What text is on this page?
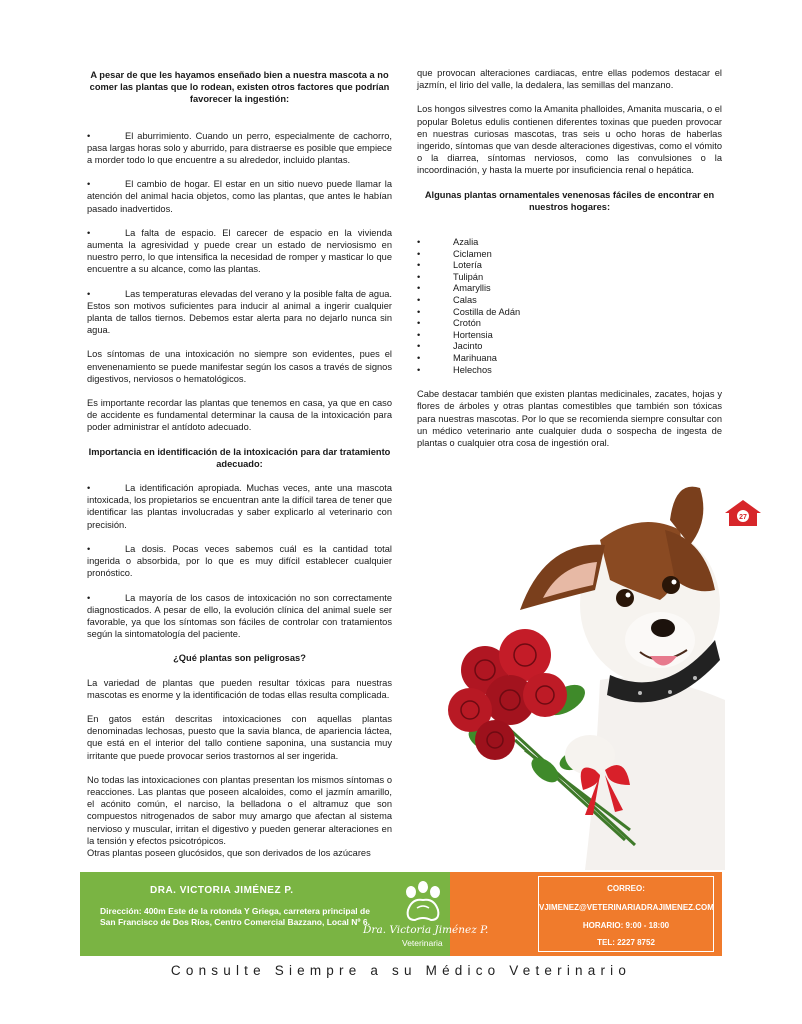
A pesar de que les hayamos enseñado bien a nuestra mascota a no comer las plantas que lo rodean, existen otros factores que podrían favorecer la ingestión:

•	El aburrimiento. Cuando un perro, especialmente de cachorro, pasa largas horas solo y aburrido, para distraerse es posible que empiece a morder todo lo que encuentre a su alrededor, incluido plantas.

•	El cambio de hogar. El estar en un sitio nuevo puede llamar la atención del animal hacia objetos, como las plantas, que antes le habían pasado inadvertidos.

•	La falta de espacio. El carecer de espacio en la vivienda aumenta la agresividad y puede crear un estado de nerviosismo en nuestro perro, lo que intensifica la necesidad de romper y masticar lo que encuentre a su alcance, como las plantas.

•	Las temperaturas elevadas del verano y la posible falta de agua. Estos son motivos suficientes para inducir al animal a ingerir cualquier planta de tallos tiernos. Debemos estar alerta para no dejarlo nunca sin agua.

Los síntomas de una intoxicación no siempre son evidentes, pues el envenenamiento se puede manifestar según los casos a través de signos digestivos, nerviosos o hematológicos.

Es importante recordar las plantas que tenemos en casa, ya que en caso de accidente es fundamental determinar la causa de la intoxicación para poder administrar el antídoto adecuado.

Importancia en identificación de la intoxicación para dar tratamiento adecuado:

•	La identificación apropiada. Muchas veces, ante una mascota intoxicada, los propietarios se encuentran ante la difícil tarea de tener que identificar las plantas involucradas y saber explicarlo al veterinario con precisión.

•	La dosis. Pocas veces sabemos cuál es la cantidad total ingerida o absorbida, por lo que es muy difícil establecer cualquier pronóstico.

•	La mayoría de los casos de intoxicación no son correctamente diagnosticados. A pesar de ello, la evolución clínica del animal suele ser favorable, ya que los síntomas son fáciles de controlar con tratamientos según la sintomatología del paciente.

¿Qué plantas son peligrosas?

La variedad de plantas que pueden resultar tóxicas para nuestras mascotas es enorme y la identificación de todas ellas resulta complicada.

En gatos están descritas intoxicaciones con aquellas plantas denominadas lechosas, puesto que la savia blanca, de apariencia láctea, que está en el interior del tallo contiene saponina, una sustancia muy irritante que puede provocar serios trastornos al ser ingerida.

No todas las intoxicaciones con plantas presentan los mismos síntomas o reacciones. Las plantas que poseen alcaloides, como el jazmín amarillo, el acónito común, el narciso, la belladona o el altramuz que son compuestos nitrogenados de sabor muy amargo que afectan al sistema nervioso y muscular, irritan el digestivo y pueden generar alteraciones en la tensión y efectos psicotrópicos.

Otras plantas poseen glucósidos, que son derivados de los azúcares

que provocan alteraciones cardiacas, entre ellas podemos destacar el jazmín, el lirio del valle, la dedalera, las semillas del manzano.

Los hongos silvestres como la Amanita phalloides, Amanita muscaria, o el popular Boletus edulis contienen diferentes toxinas que pueden provocar en nuestras curiosas mascotas, tras seis u ocho horas de haberlas ingerido, síntomas que van desde alteraciones digestivas, como el vómito o la diarrea, síntomas nerviosos, como las convulsiones o la incoordinación, y hasta la muerte por insuficiencia renal o hepática.

Algunas plantas ornamentales venenosas fáciles de encontrar en nuestros hogares:
• Azalia
• Ciclamen
• Lotería
• Tulipán
• Amaryllis
• Calas
• Costilla de Adán
• Crotón
• Hortensia
• Jacinto
• Marihuana
• Helechos

Cabe destacar también que existen plantas medicinales, zacates, hojas y flores de árboles y otras plantas comestibles que también son tóxicas para nuestras mascotas. Por lo que se recomienda siempre consultar con un médico veterinario ante cualquier duda o sospecha de ingesta de plantas o cualquier otra cosa de ingestión oral.

27
DRA. VICTORIA JIMÉNEZ P.
Dirección: 400m Este de la rotonda Y Griega, carretera principal de San Francisco de Dos Ríos, Centro Comercial Bazzano, Local Nº 6.
Dra. Victoria Jiménez P.
Veterinaria
CORREO:
VJIMENEZ@VETERINARIADRAJIMENEZ.COM
HORARIO: 9:00 - 18:00
TEL: 2227 8752
Consulte Siempre a su Médico Veterinario
